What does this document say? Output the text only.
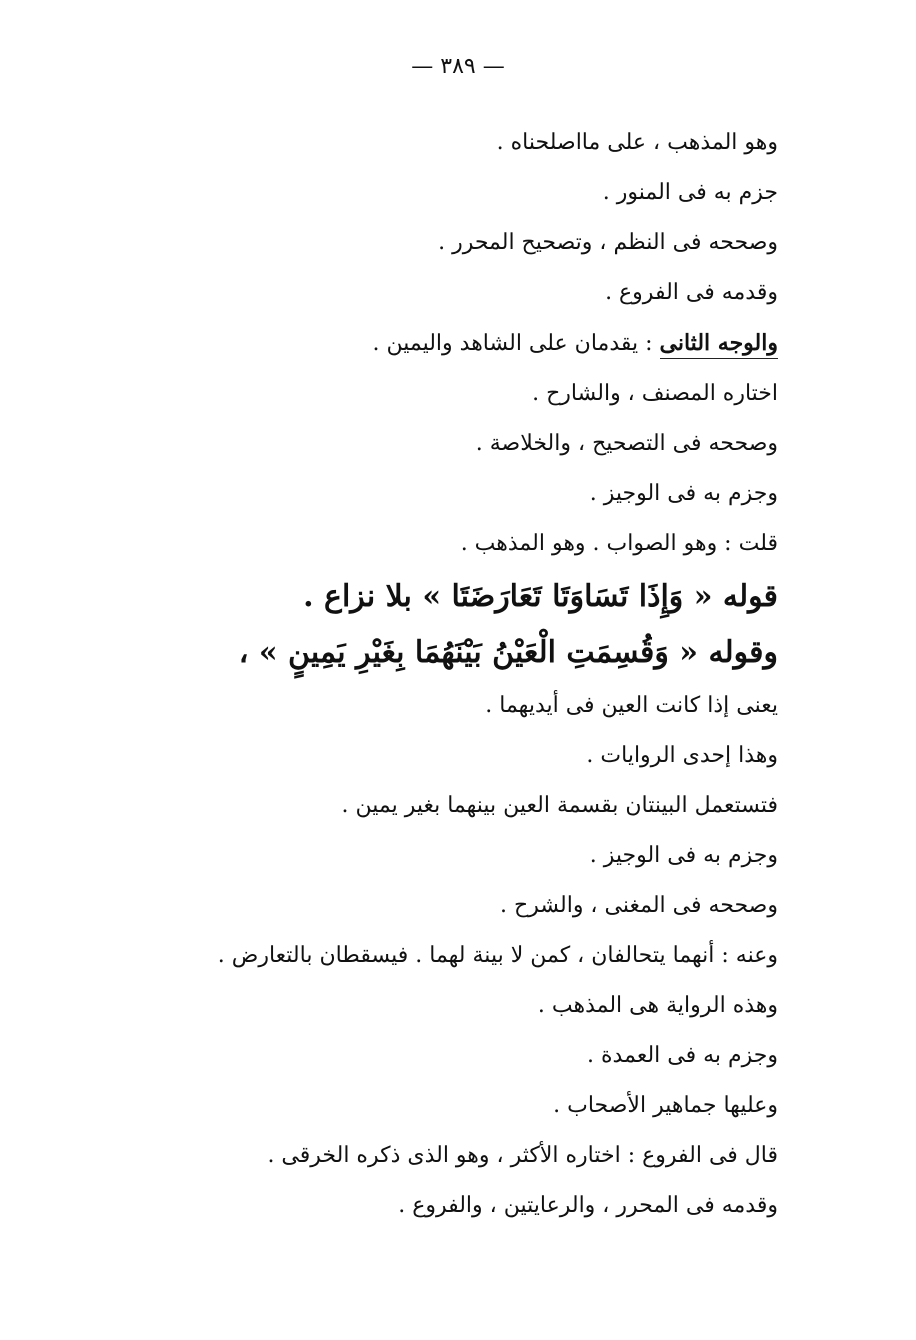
— ٣٨٩ —
وهو المذهب ، على مااصلحناه .
جزم به فى المنور .
وصححه فى النظم ، وتصحيح المحرر .
وقدمه فى الفروع .
والوجه الثانى : يقدمان على الشاهد واليمين .
اختاره المصنف ، والشارح .
وصححه فى التصحيح ، والخلاصة .
وجزم به فى الوجيز .
قلت : وهو الصواب . وهو المذهب .
قوله « وَإِذَا تَسَاوَتَا تَعَارَضَتَا » بلا نزاع .
وقوله « وَقُسِمَتِ الْعَيْنُ بَيْنَهُمَا بِغَيْرِ يَمِينٍ » ،
يعنى إذا كانت العين فى أيديهما .
وهذا إحدى الروايات .
فتستعمل البينتان بقسمة العين بينهما بغير يمين .
وجزم به فى الوجيز .
وصححه فى المغنى ، والشرح .
وعنه : أنهما يتحالفان ، كمن لا بينة لهما . فيسقطان بالتعارض .
وهذه الرواية هى المذهب .
وجزم به فى العمدة .
وعليها جماهير الأصحاب .
قال فى الفروع : اختاره الأكثر ، وهو الذى ذكره الخرقى .
وقدمه فى المحرر ، والرعايتين ، والفروع .
